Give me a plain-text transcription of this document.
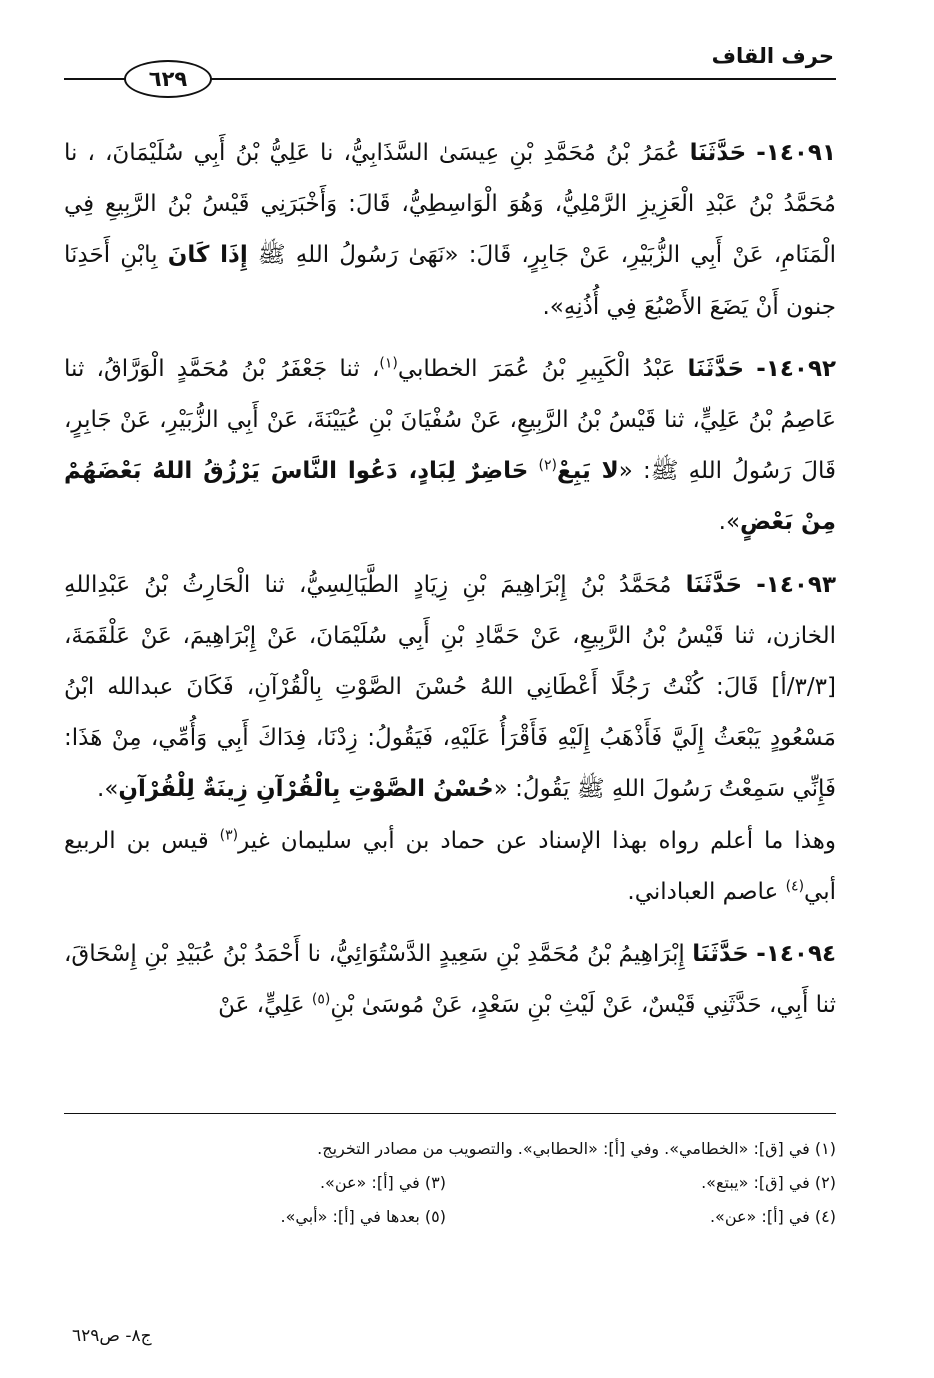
حرف القاف
٦٢٩

١٤٠٩١- حَدَّثَنَا عُمَرُ بْنُ مُحَمَّدِ بْنِ عِيسَىٰ السَّذَابِيُّ، نا عَلِيُّ بْنُ أَبِي سُلَيْمَانَ، ، نا مُحَمَّدُ بْنُ عَبْدِ الْعَزِيزِ الرَّمْلِيُّ، وَهُوَ الْوَاسِطِيُّ، قَالَ: وَأَخْبَرَنِي قَيْسُ بْنُ الرَّبِيعِ فِي الْمَنَامِ، عَنْ أَبِي الزُّبَيْرِ، عَنْ جَابِرٍ، قَالَ: «نَهَىٰ رَسُولُ اللهِ ﷺ إِذَا كَانَ بِابْنِ أَحَدِنَا جنون أَنْ يَضَعَ الأَصْبُعَ فِي أُذُنِهِ».

١٤٠٩٢- حَدَّثَنَا عَبْدُ الْكَبِيرِ بْنُ عُمَرَ الخطابي$^{(١)}$، ثنا جَعْفَرُ بْنُ مُحَمَّدٍ الْوَرَّاقُ، ثنا عَاصِمُ بْنُ عَلِيٍّ، ثنا قَيْسُ بْنُ الرَّبِيعِ، عَنْ سُفْيَانَ بْنِ عُيَيْنَةَ، عَنْ أَبِي الزُّبَيْرِ، عَنْ جَابِرٍ، قَالَ رَسُولُ اللهِ ﷺ: «لا يَبِعْ$^{(٢)}$ حَاضِرٌ لِبَادٍ، دَعُوا النَّاسَ يَرْزُقُ اللهُ بَعْضَهُمْ مِنْ بَعْضٍ».

١٤٠٩٣- حَدَّثَنَا مُحَمَّدُ بْنُ إِبْرَاهِيمَ بْنِ زِيَادٍ الطَّيَالِسِيُّ، ثنا الْحَارِثُ بْنُ عَبْدِاللهِ الخازن، ثنا قَيْسُ بْنُ الرَّبِيعِ، عَنْ حَمَّادِ بْنِ أَبِي سُلَيْمَانَ، عَنْ إِبْرَاهِيمَ، عَنْ عَلْقَمَةَ، [٣/٣/أ] قَالَ: كُنْتُ رَجُلًا أَعْطَانِي اللهُ حُسْنَ الصَّوْتِ بِالْقُرْآنِ، فَكَانَ عبدالله ابْنُ مَسْعُودٍ يَبْعَثُ إِلَيَّ فَأَذْهَبُ إِلَيْهِ فَأَقْرَأُ عَلَيْهِ، فَيَقُولُ: زِدْنَا، فِدَاكَ أَبِي وَأُمِّي، مِنْ هَذَا: فَإِنِّي سَمِعْتُ رَسُولَ اللهِ ﷺ يَقُولُ: «حُسْنُ الصَّوْتِ بِالْقُرْآنِ زِينَةٌ لِلْقُرْآنِ».

وهذا ما أعلم رواه بهذا الإسناد عن حماد بن أبي سليمان غير$^{(٣)}$ قيس بن الربيع أبي$^{(٤)}$ عاصم العباداني.

١٤٠٩٤- حَدَّثَنَا إِبْرَاهِيمُ بْنُ مُحَمَّدِ بْنِ سَعِيدٍ الدَّسْتُوَائِيُّ، نا أَحْمَدُ بْنُ عُبَيْدِ بْنِ إِسْحَاقَ، ثنا أَبِي، حَدَّثَنِي قَيْسٌ، عَنْ لَيْثِ بْنِ سَعْدٍ، عَنْ مُوسَىٰ بْنِ$^{(٥)}$ عَلِيٍّ، عَنْ

(١) في [ق]: «الخطامي». وفي [أ]: «الحطابي». والتصويب من مصادر التخريج.
(٢) في [ق]: «يبتع».
(٣) في [أ]: «عن».
(٤) في [أ]: «عن».
(٥) بعدها في [أ]: «أبي».
ج٨- ص٦٢٩
